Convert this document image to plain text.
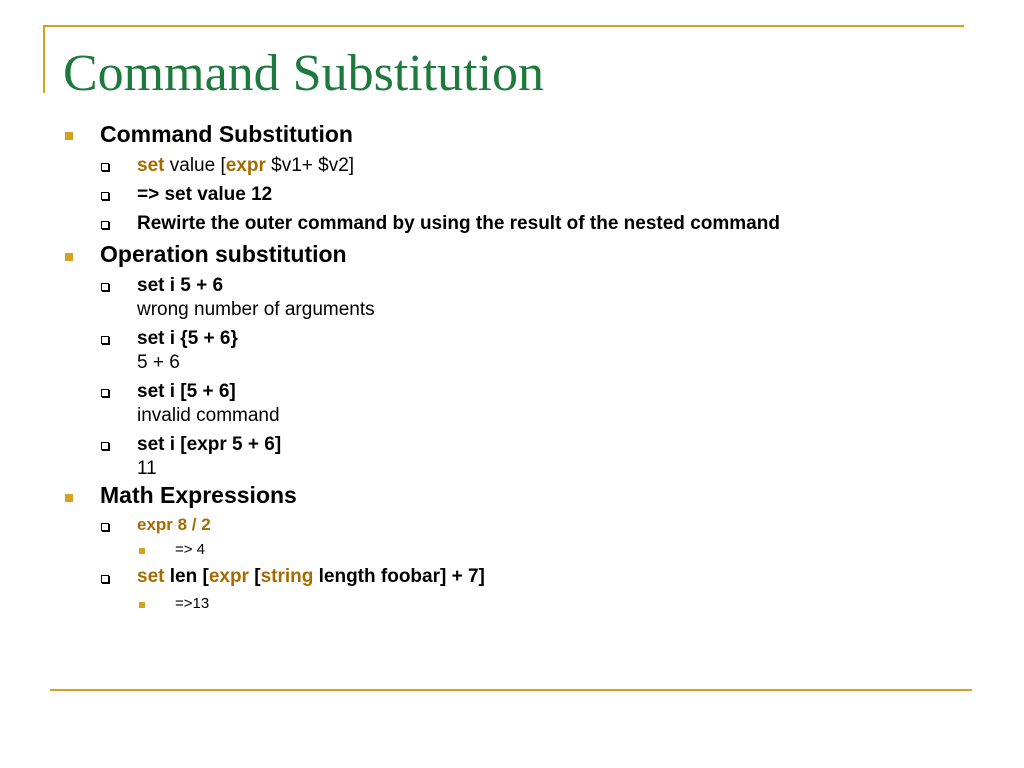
Command Substitution
Command Substitution
set value [expr $v1+ $v2]
=> set value 12
Rewirte the outer command by using the result of the nested command
Operation substitution
set i 5 + 6
wrong number of arguments
set i {5 + 6}
5 + 6
set i [5 + 6]
invalid command
set i [expr 5 + 6]
11
Math Expressions
expr 8 / 2
=> 4
set len [expr [string length foobar] + 7]
=>13
